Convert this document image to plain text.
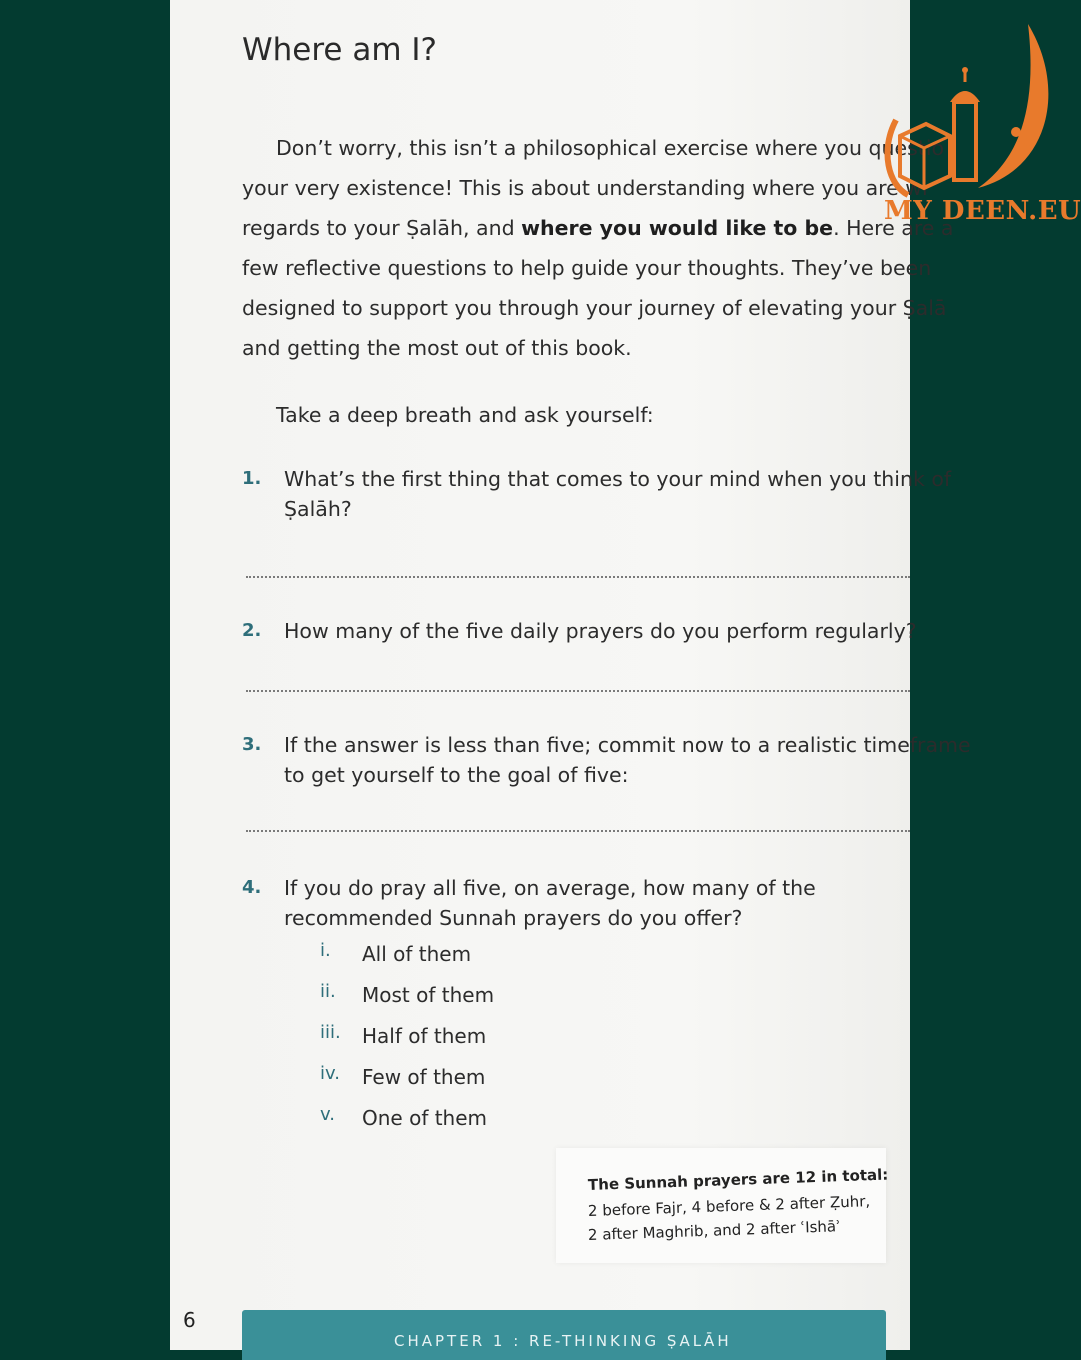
Where am I?
Don’t worry, this isn’t a philosophical exercise where you questio
your very existence! This is about understanding where you are wi
regards to your Ṣalāh, and where you would like to be. Here are a
few reflective questions to help guide your thoughts. They’ve been
designed to support you through your journey of elevating your Ṣalā
and getting the most out of this book.
Take a deep breath and ask yourself:
1. What’s the first thing that comes to your mind when you think of
Ṣalāh?
2. How many of the five daily prayers do you perform regularly?
3. If the answer is less than five; commit now to a realistic timeframe
to get yourself to the goal of five:
4. If you do pray all five, on average, how many of the
recommended Sunnah prayers do you offer?
i.	All of them
ii.	Most of them
iii.	Half of them
iv.	Few of them
v.	One of them
The Sunnah prayers are 12 in total:
2 before Fajr, 4 before & 2 after Ẓuhr,
2 after Maghrib, and 2 after ʿIshāʾ
6
CHAPTER 1 : RE-THINKING ṢALĀH
MY DEEN.EU
